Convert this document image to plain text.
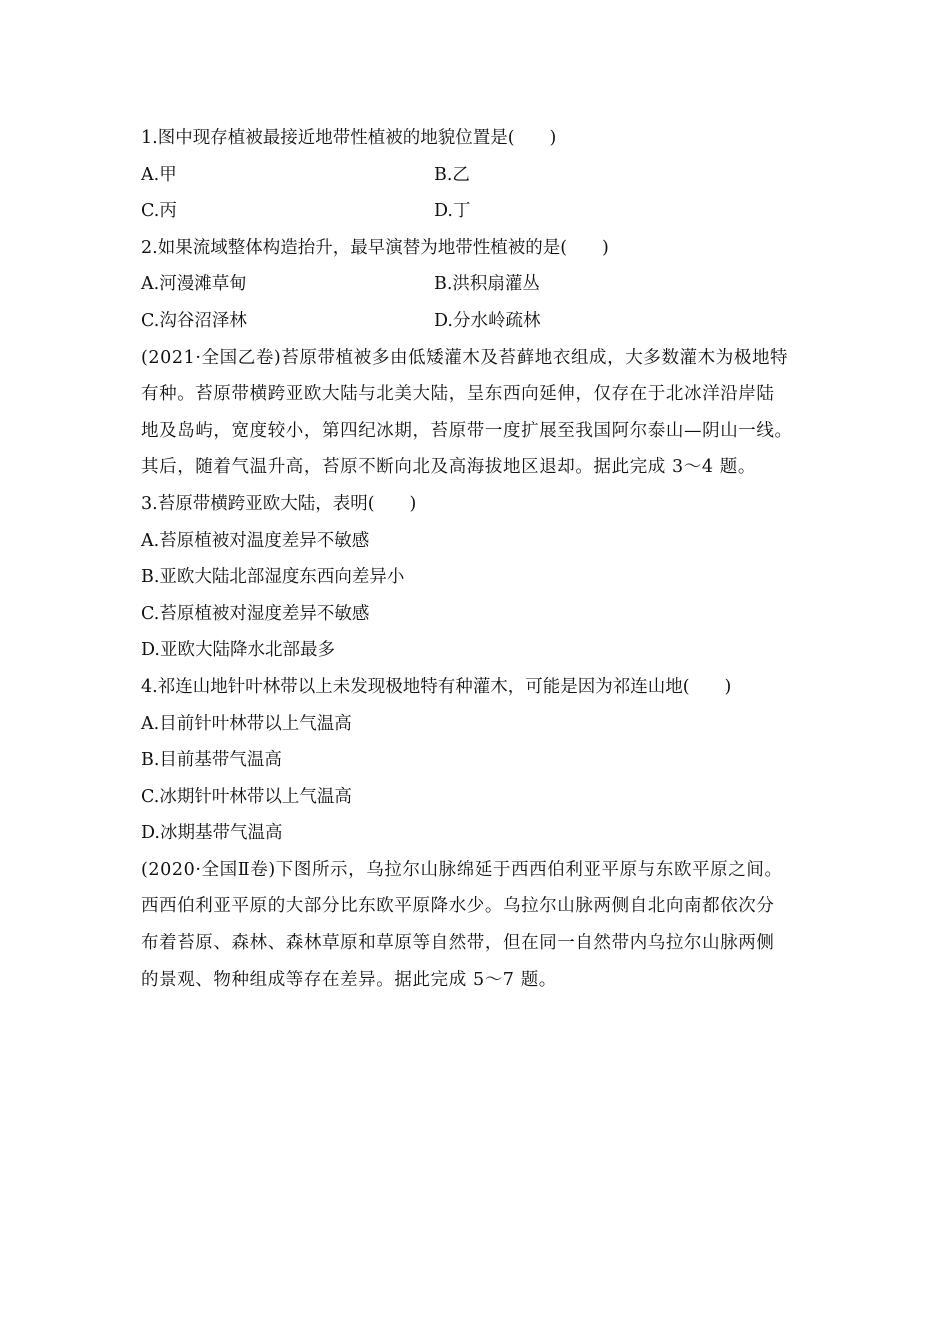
1.图中现存植被最接近地带性植被的地貌位置是(　　)
A.甲	B.乙
C.丙	D.丁
2.如果流域整体构造抬升，最早演替为地带性植被的是(　　)
A.河漫滩草甸	B.洪积扇灌丛
C.沟谷沼泽林	D.分水岭疏林
(2021·全国乙卷)苔原带植被多由低矮灌木及苔藓地衣组成，大多数灌木为极地特
有种。苔原带横跨亚欧大陆与北美大陆，呈东西向延伸，仅存在于北冰洋沿岸陆
地及岛屿，宽度较小，第四纪冰期，苔原带一度扩展至我国阿尔泰山—阴山一线。
其后，随着气温升高，苔原不断向北及高海拔地区退却。据此完成 3～4 题。
3.苔原带横跨亚欧大陆，表明(　　)
A.苔原植被对温度差异不敏感
B.亚欧大陆北部湿度东西向差异小
C.苔原植被对湿度差异不敏感
D.亚欧大陆降水北部最多
4.祁连山地针叶林带以上未发现极地特有种灌木，可能是因为祁连山地(　　)
A.目前针叶林带以上气温高
B.目前基带气温高
C.冰期针叶林带以上气温高
D.冰期基带气温高
(2020·全国Ⅱ卷)下图所示，乌拉尔山脉绵延于西西伯利亚平原与东欧平原之间。
西西伯利亚平原的大部分比东欧平原降水少。乌拉尔山脉两侧自北向南都依次分
布着苔原、森林、森林草原和草原等自然带，但在同一自然带内乌拉尔山脉两侧
的景观、物种组成等存在差异。据此完成 5～7 题。
